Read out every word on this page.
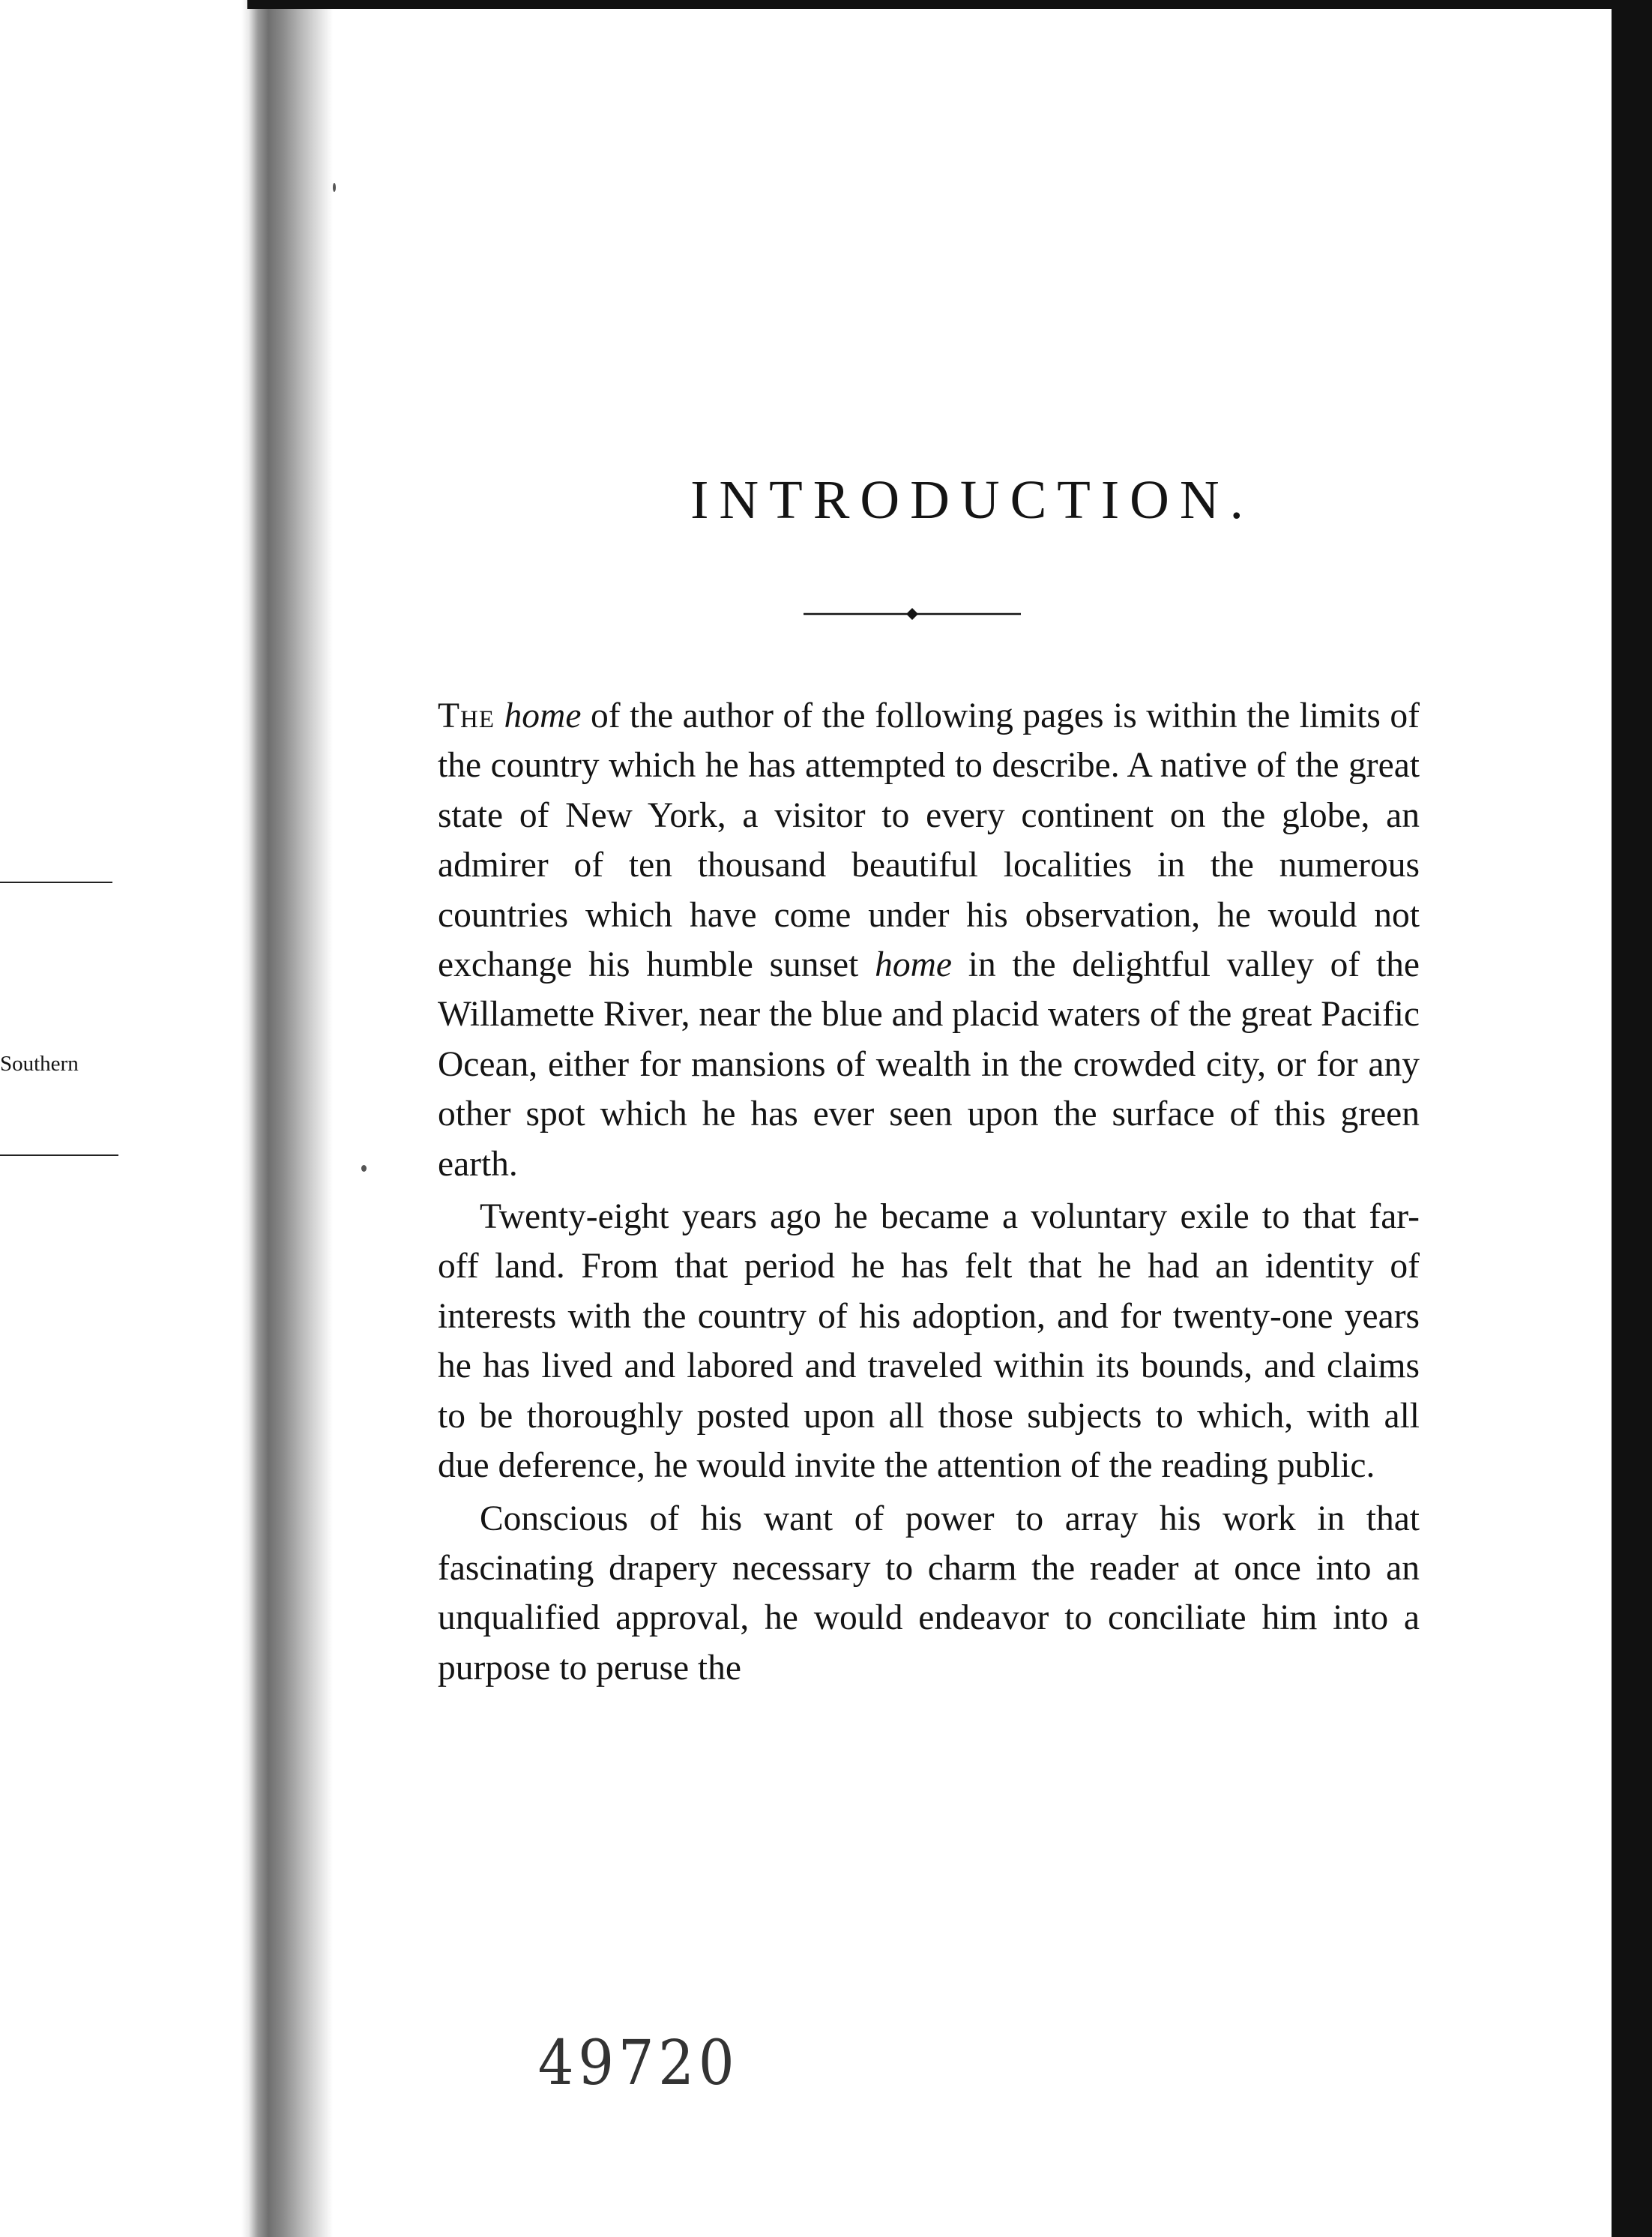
Southern
INTRODUCTION.

The home of the author of the following pages is within the limits of the country which he has attempted to describe. A native of the great state of New York, a visitor to every continent on the globe, an admirer of ten thousand beautiful localities in the numerous countries which have come under his observation, he would not exchange his humble sunset home in the delightful valley of the Willamette River, near the blue and placid waters of the great Pacific Ocean, either for mansions of wealth in the crowded city, or for any other spot which he has ever seen upon the surface of this green earth.

Twenty-eight years ago he became a voluntary exile to that far-off land. From that period he has felt that he had an identity of interests with the country of his adoption, and for twenty-one years he has lived and labored and traveled within its bounds, and claims to be thoroughly posted upon all those subjects to which, with all due deference, he would invite the attention of the reading public.

Conscious of his want of power to array his work in that fascinating drapery necessary to charm the reader at once into an unqualified approval, he would endeavor to conciliate him into a purpose to peruse the

49720
